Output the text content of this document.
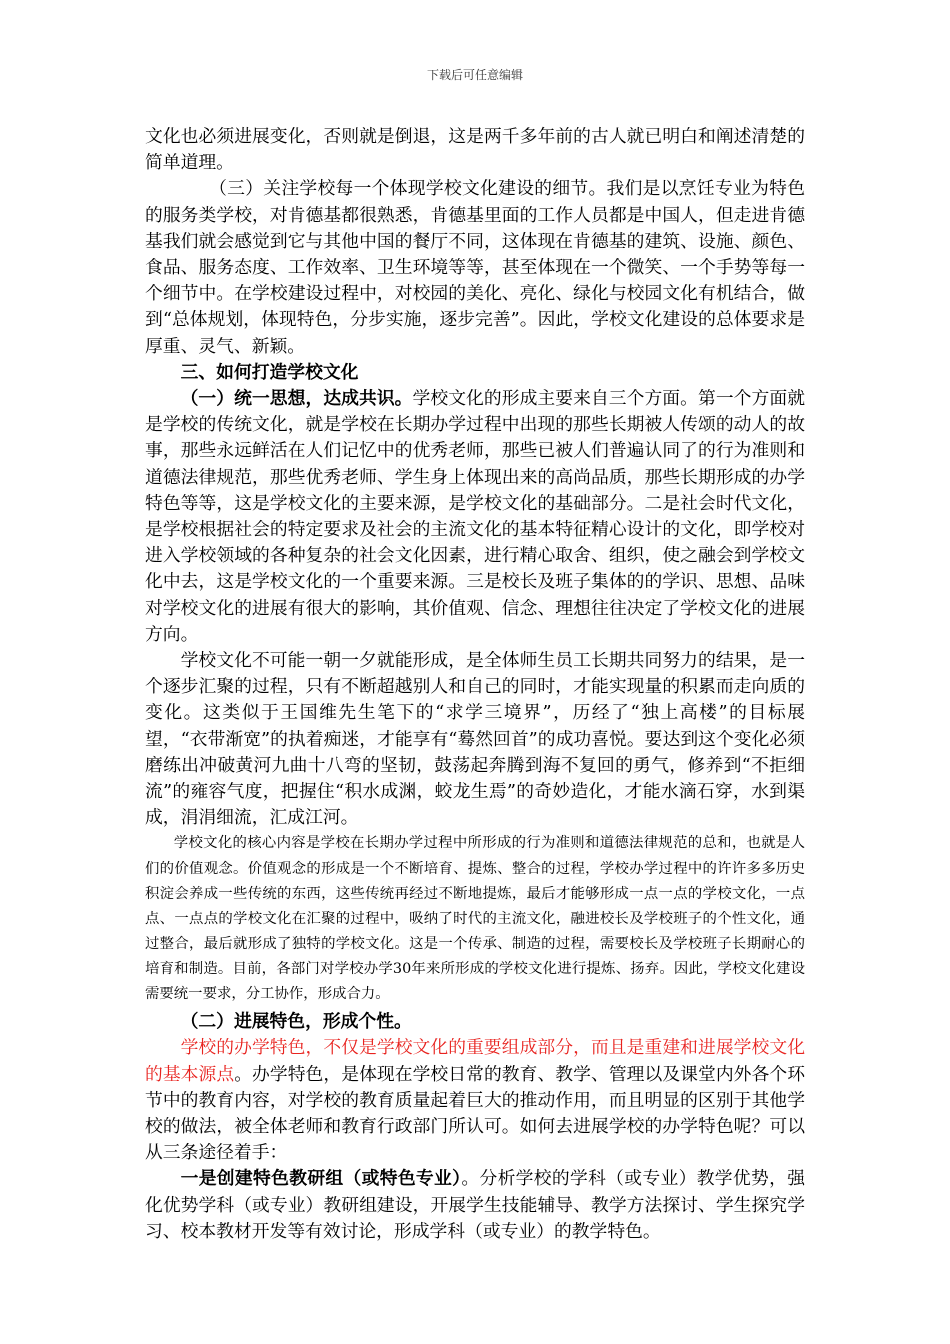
下载后可任意编辑

文化也必须进展变化，否则就是倒退，这是两千多年前的古人就已明白和阐述清楚的简单道理。

（三）关注学校每一个体现学校文化建设的细节。我们是以烹饪专业为特色的服务类学校，对肯德基都很熟悉，肯德基里面的工作人员都是中国人，但走进肯德基我们就会感觉到它与其他中国的餐厅不同，这体现在肯德基的建筑、设施、颜色、食品、服务态度、工作效率、卫生环境等等，甚至体现在一个微笑、一个手势等每一个细节中。在学校建设过程中，对校园的美化、亮化、绿化与校园文化有机结合，做到“总体规划，体现特色，分步实施，逐步完善”。因此，学校文化建设的总体要求是厚重、灵气、新颖。

三、如何打造学校文化

（一）统一思想，达成共识。学校文化的形成主要来自三个方面。第一个方面就是学校的传统文化，就是学校在长期办学过程中出现的那些长期被人传颂的动人的故事，那些永远鲜活在人们记忆中的优秀老师，那些已被人们普遍认同了的行为准则和道德法律规范，那些优秀老师、学生身上体现出来的高尚品质，那些长期形成的办学特色等等，这是学校文化的主要来源，是学校文化的基础部分。二是社会时代文化，是学校根据社会的特定要求及社会的主流文化的基本特征精心设计的文化，即学校对进入学校领域的各种复杂的社会文化因素，进行精心取舍、组织，使之融会到学校文化中去，这是学校文化的一个重要来源。三是校长及班子集体的的学识、思想、品味对学校文化的进展有很大的影响，其价值观、信念、理想往往决定了学校文化的进展方向。

学校文化不可能一朝一夕就能形成，是全体师生员工长期共同努力的结果，是一个逐步汇聚的过程，只有不断超越别人和自己的同时，才能实现量的积累而走向质的变化。这类似于王国维先生笔下的“求学三境界”，历经了“独上高楼”的目标展望，“衣带渐宽”的执着痴迷，才能享有“蓦然回首”的成功喜悦。要达到这个变化必须磨练出冲破黄河九曲十八弯的坚韧，鼓荡起奔腾到海不复回的勇气，修养到“不拒细流”的雍容气度，把握住“积水成渊，蛟龙生焉”的奇妙造化，才能水滴石穿，水到渠成，涓涓细流，汇成江河。

学校文化的核心内容是学校在长期办学过程中所形成的行为准则和道德法律规范的总和，也就是人们的价值观念。价值观念的形成是一个不断培育、提炼、整合的过程，学校办学过程中的许许多多历史积淀会养成一些传统的东西，这些传统再经过不断地提炼，最后才能够形成一点一点的学校文化，一点点、一点点的学校文化在汇聚的过程中，吸纳了时代的主流文化，融进校长及学校班子的个性文化，通过整合，最后就形成了独特的学校文化。这是一个传承、制造的过程，需要校长及学校班子长期耐心的培育和制造。目前，各部门对学校办学30年来所形成的学校文化进行提炼、扬弃。因此，学校文化建设需要统一要求，分工协作，形成合力。

（二）进展特色，形成个性。

学校的办学特色，不仅是学校文化的重要组成部分，而且是重建和进展学校文化的基本源点。办学特色，是体现在学校日常的教育、教学、管理以及课堂内外各个环节中的教育内容，对学校的教育质量起着巨大的推动作用，而且明显的区别于其他学校的做法，被全体老师和教育行政部门所认可。如何去进展学校的办学特色呢？可以从三条途径着手：

一是创建特色教研组（或特色专业）。分析学校的学科（或专业）教学优势，强化优势学科（或专业）教研组建设，开展学生技能辅导、教学方法探讨、学生探究学习、校本教材开发等有效讨论，形成学科（或专业）的教学特色。
